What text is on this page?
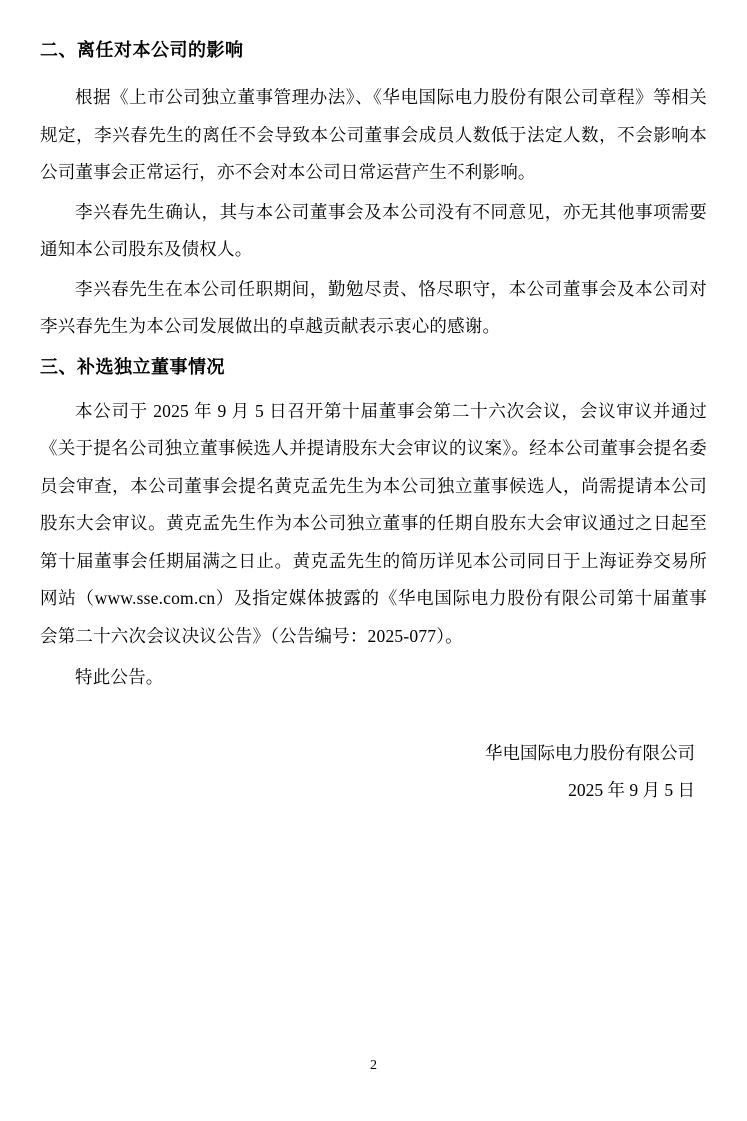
二、离任对本公司的影响

根据《上市公司独立董事管理办法》、《华电国际电力股份有限公司章程》等相关规定，李兴春先生的离任不会导致本公司董事会成员人数低于法定人数，不会影响本公司董事会正常运行，亦不会对本公司日常运营产生不利影响。

李兴春先生确认，其与本公司董事会及本公司没有不同意见，亦无其他事项需要通知本公司股东及债权人。

李兴春先生在本公司任职期间，勤勉尽责、恪尽职守，本公司董事会及本公司对李兴春先生为本公司发展做出的卓越贡献表示衷心的感谢。

三、补选独立董事情况

本公司于 2025 年 9 月 5 日召开第十届董事会第二十六次会议，会议审议并通过《关于提名公司独立董事候选人并提请股东大会审议的议案》。经本公司董事会提名委员会审查，本公司董事会提名黄克孟先生为本公司独立董事候选人，尚需提请本公司股东大会审议。黄克孟先生作为本公司独立董事的任期自股东大会审议通过之日起至第十届董事会任期届满之日止。黄克孟先生的简历详见本公司同日于上海证券交易所网站（www.sse.com.cn）及指定媒体披露的《华电国际电力股份有限公司第十届董事会第二十六次会议决议公告》（公告编号：2025-077）。

特此公告。

华电国际电力股份有限公司
2025 年 9 月 5 日
2
